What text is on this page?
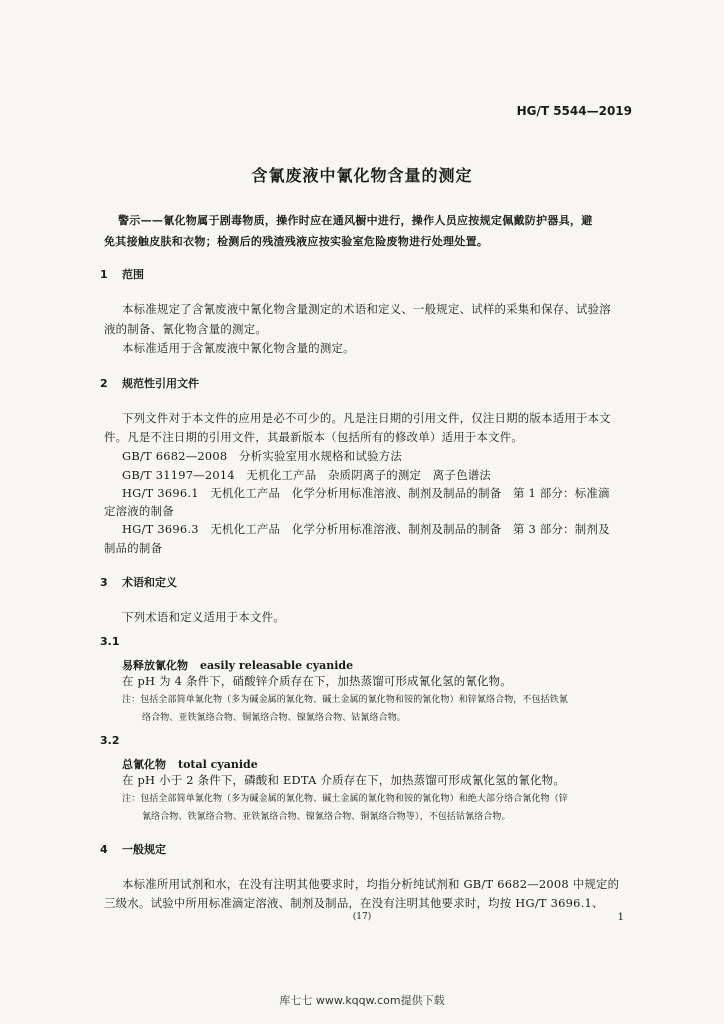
HG/T 5544—2019
含氰废液中氰化物含量的测定
警示——氰化物属于剧毒物质，操作时应在通风橱中进行，操作人员应按规定佩戴防护器具，避
免其接触皮肤和衣物；检测后的残渣残液应按实验室危险废物进行处理处置。
1 范围
本标准规定了含氰废液中氰化物含量测定的术语和定义、一般规定、试样的采集和保存、试验溶
液的制备、氰化物含量的测定。
本标准适用于含氰废液中氰化物含量的测定。
2 规范性引用文件
下列文件对于本文件的应用是必不可少的。凡是注日期的引用文件，仅注日期的版本适用于本文
件。凡是不注日期的引用文件，其最新版本（包括所有的修改单）适用于本文件。
GB/T 6682—2008　分析实验室用水规格和试验方法
GB/T 31197—2014　无机化工产品　杂质阴离子的测定　离子色谱法
HG/T 3696.1　无机化工产品　化学分析用标准溶液、制剂及制品的制备　第 1 部分：标准滴
定溶液的制备
HG/T 3696.3　无机化工产品　化学分析用标准溶液、制剂及制品的制备　第 3 部分：制剂及
制品的制备
3 术语和定义
下列术语和定义适用于本文件。
3.1
易释放氰化物 easily releasable cyanide
在 pH 为 4 条件下，硝酸锌介质存在下，加热蒸馏可形成氰化氢的氰化物。
注：包括全部简单氰化物（多为碱金属的氰化物、碱土金属的氰化物和铵的氰化物）和锌氰络合物，不包括铁氰
络合物、亚铁氰络合物、铜氰络合物、镍氰络合物、钴氰络合物。
3.2
总氰化物 total cyanide
在 pH 小于 2 条件下，磷酸和 EDTA 介质存在下，加热蒸馏可形成氰化氢的氰化物。
注：包括全部简单氰化物（多为碱金属的氰化物、碱土金属的氰化物和铵的氰化物）和绝大部分络合氰化物（锌
氰络合物、铁氰络合物、亚铁氰络合物、镍氰络合物、铜氰络合物等），不包括钴氰络合物。
4 一般规定
本标准所用试剂和水，在没有注明其他要求时，均指分析纯试剂和 GB/T 6682—2008 中规定的
三级水。试验中所用标准滴定溶液、制剂及制品，在没有注明其他要求时，均按 HG/T 3696.1、
(17)	1
库七七 www.kqqw.com提供下载
